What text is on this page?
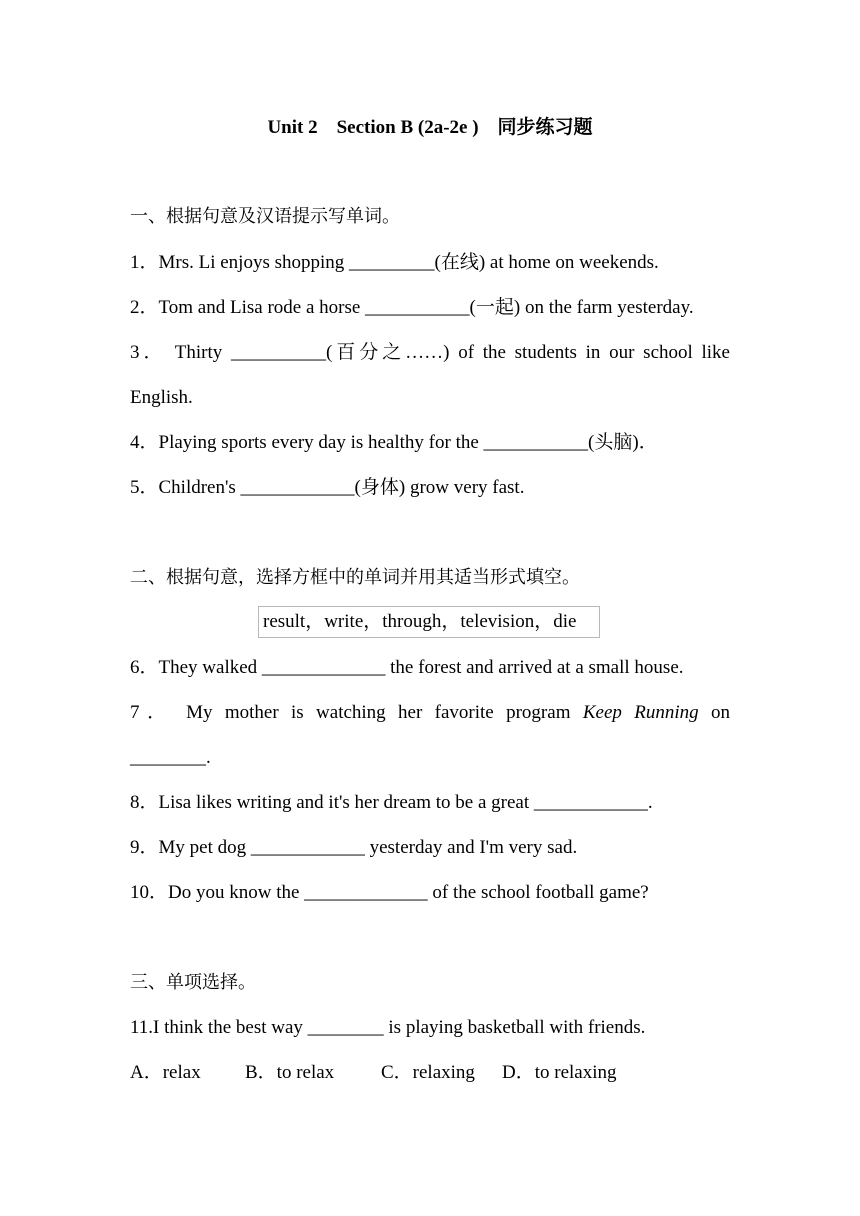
Unit 2    Section B (2a-2e )    同步练习题
一、根据句意及汉语提示写单词。
1．Mrs. Li enjoys shopping _________(在线) at home on weekends.
2．Tom and Lisa rode a horse ___________(一起) on the farm yesterday.
3． Thirty __________(百分之……) of the students in our school like
English.
4．Playing sports every day is healthy for the ___________(头脑)．
5．Children's ____________(身体) grow very fast.
二、根据句意，选择方框中的单词并用其适当形式填空。
result，write，through，television，die
6．They walked _____________ the forest and arrived at a small house.
7． My mother is watching her favorite program Keep Running on
________.
8．Lisa likes writing and it's her dream to be a great ____________.
9．My pet dog ____________ yesterday and I'm very sad.
10．Do you know the _____________ of the school football game?
三、单项选择。
11.I think the best way ________ is playing basketball with friends.
A．relax B．to relax C．relaxing D．to relaxing
